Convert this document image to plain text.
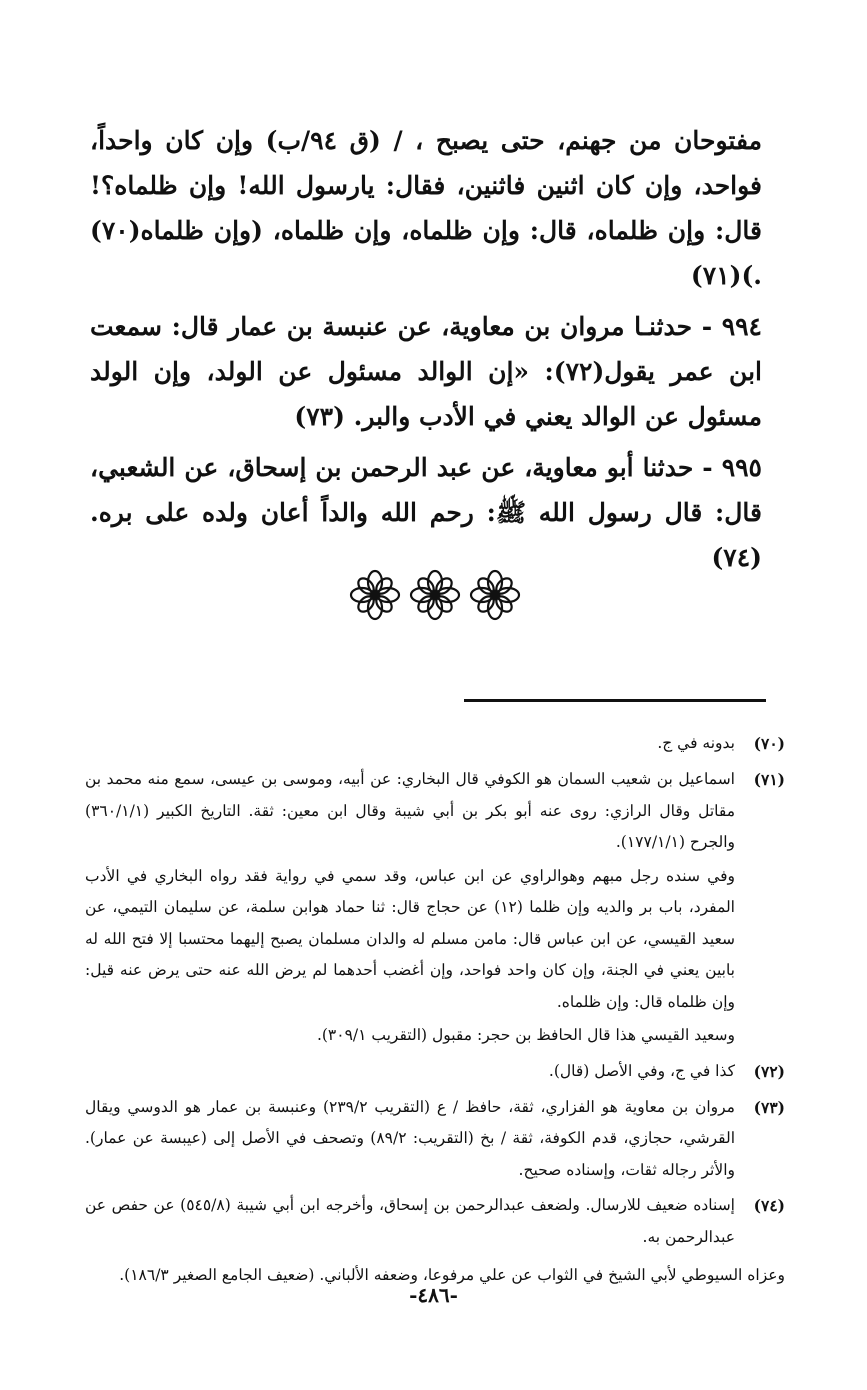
مفتوحان من جهنم، حتى يصبح ، / (ق ٩٤/ب) وإن كان واحداً، فواحد، وإن كان اثنين فاثنين، فقال: يارسول الله! وإن ظلماه؟! قال: وإن ظلماه، قال: وإن ظلماه، وإن ظلماه، (وإن ظلماه(٧٠) .)(٧١)

٩٩٤ - حدثنـا مروان بن معاوية، عن عنبسة بن عمار قال: سمعت ابن عمر يقول(٧٢): «إن الوالد مسئول عن الولد، وإن الولد مسئول عن الوالد يعني في الأدب والبر. (٧٣)

٩٩٥ - حدثنا أبو معاوية، عن عبد الرحمن بن إسحاق، عن الشعبي، قال: قال رسول الله ﷺ: رحم الله والداً أعان ولده على بره. (٧٤)

(٧٠)

بدونه في ج.

(٧١)

اسماعيل بن شعيب السمان هو الكوفي قال البخاري: عن أبيه، وموسى بن عيسى، سمع منه محمد بن مقاتل وقال الرازي: روى عنه أبو بكر بن أبي شيبة وقال ابن معين: ثقة. التاريخ الكبير (٣٦٠/١/١) والجرح (١٧٧/١/١).

وفي سنده رجل مبهم وهوالراوي عن ابن عباس، وقد سمي في رواية فقد رواه البخاري في الأدب المفرد، باب بر والديه وإن ظلما (١٢) عن حجاج قال: ثنا حماد هوابن سلمة، عن سليمان التيمي، عن سعيد القيسي، عن ابن عباس قال: مامن مسلم له والدان مسلمان يصبح إليهما محتسبا إلا فتح الله له بابين يعني في الجنة، وإن كان واحد فواحد، وإن أغضب أحدهما لم يرض الله عنه حتى يرض عنه قيل: وإن ظلماه قال: وإن ظلماه.

وسعيد القيسي هذا قال الحافظ بن حجر: مقبول (التقريب ٣٠٩/١).

(٧٢)

كذا في ج، وفي الأصل (قال).

(٧٣)

مروان بن معاوية هو الفزاري، ثقة، حافظ / ع (التقريب ٢٣٩/٢) وعنبسة بن عمار هو الدوسي ويقال القرشي، حجازي، قدم الكوفة، ثقة / بخ (التقريب: ٨٩/٢) وتصحف في الأصل إلى (عيبسة عن عمار). والأثر رجاله ثقات، وإسناده صحيح.

(٧٤)

إسناده ضعيف للارسال. ولضعف عبدالرحمن بن إسحاق، وأخرجه ابن أبي شيبة (٥٤٥/٨) عن حفص عن عبدالرحمن به.

وعزاه السيوطي لأبي الشيخ في الثواب عن علي مرفوعا، وضعفه الألباني. (ضعيف الجامع الصغير ١٨٦/٣).

-٤٨٦-
